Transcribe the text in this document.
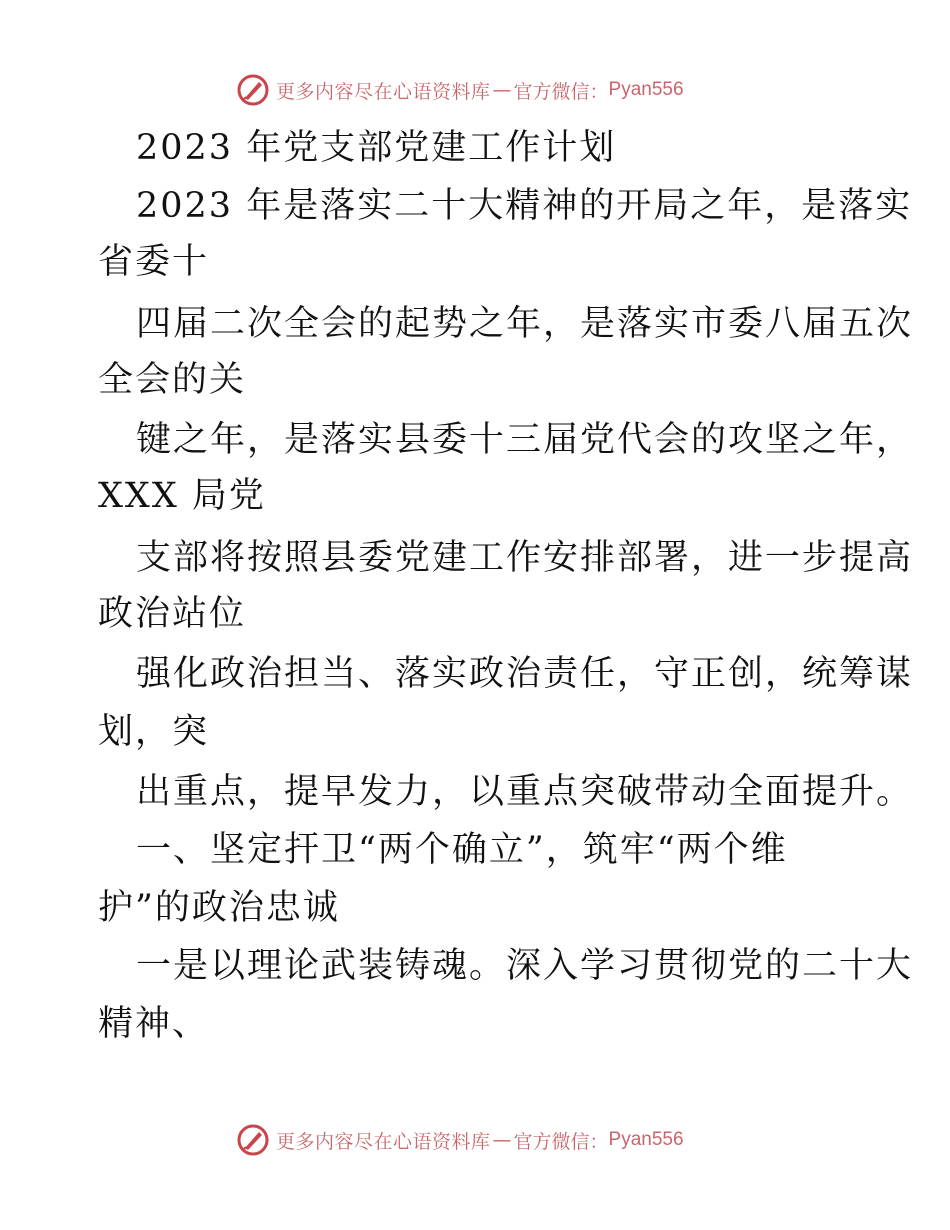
更多内容尽在心语资料库 — 官方微信： Pyan556
2023 年党支部党建工作计划
2023 年是落实二十大精神的开局之年，是落实
省委十
四届二次全会的起势之年，是落实市委八届五次
全会的关
键之年，是落实县委十三届党代会的攻坚之年，
XXX 局党
支部将按照县委党建工作安排部署，进一步提高
政治站位
强化政治担当、落实政治责任，守正创，统筹谋
划，突
出重点，提早发力，以重点突破带动全面提升。
一、坚定扞卫“两个确立”，筑牢“两个维
护”的政治忠诚
一是以理论武装铸魂。深入学习贯彻党的二十大
精神、
更多内容尽在心语资料库 — 官方微信： Pyan556
